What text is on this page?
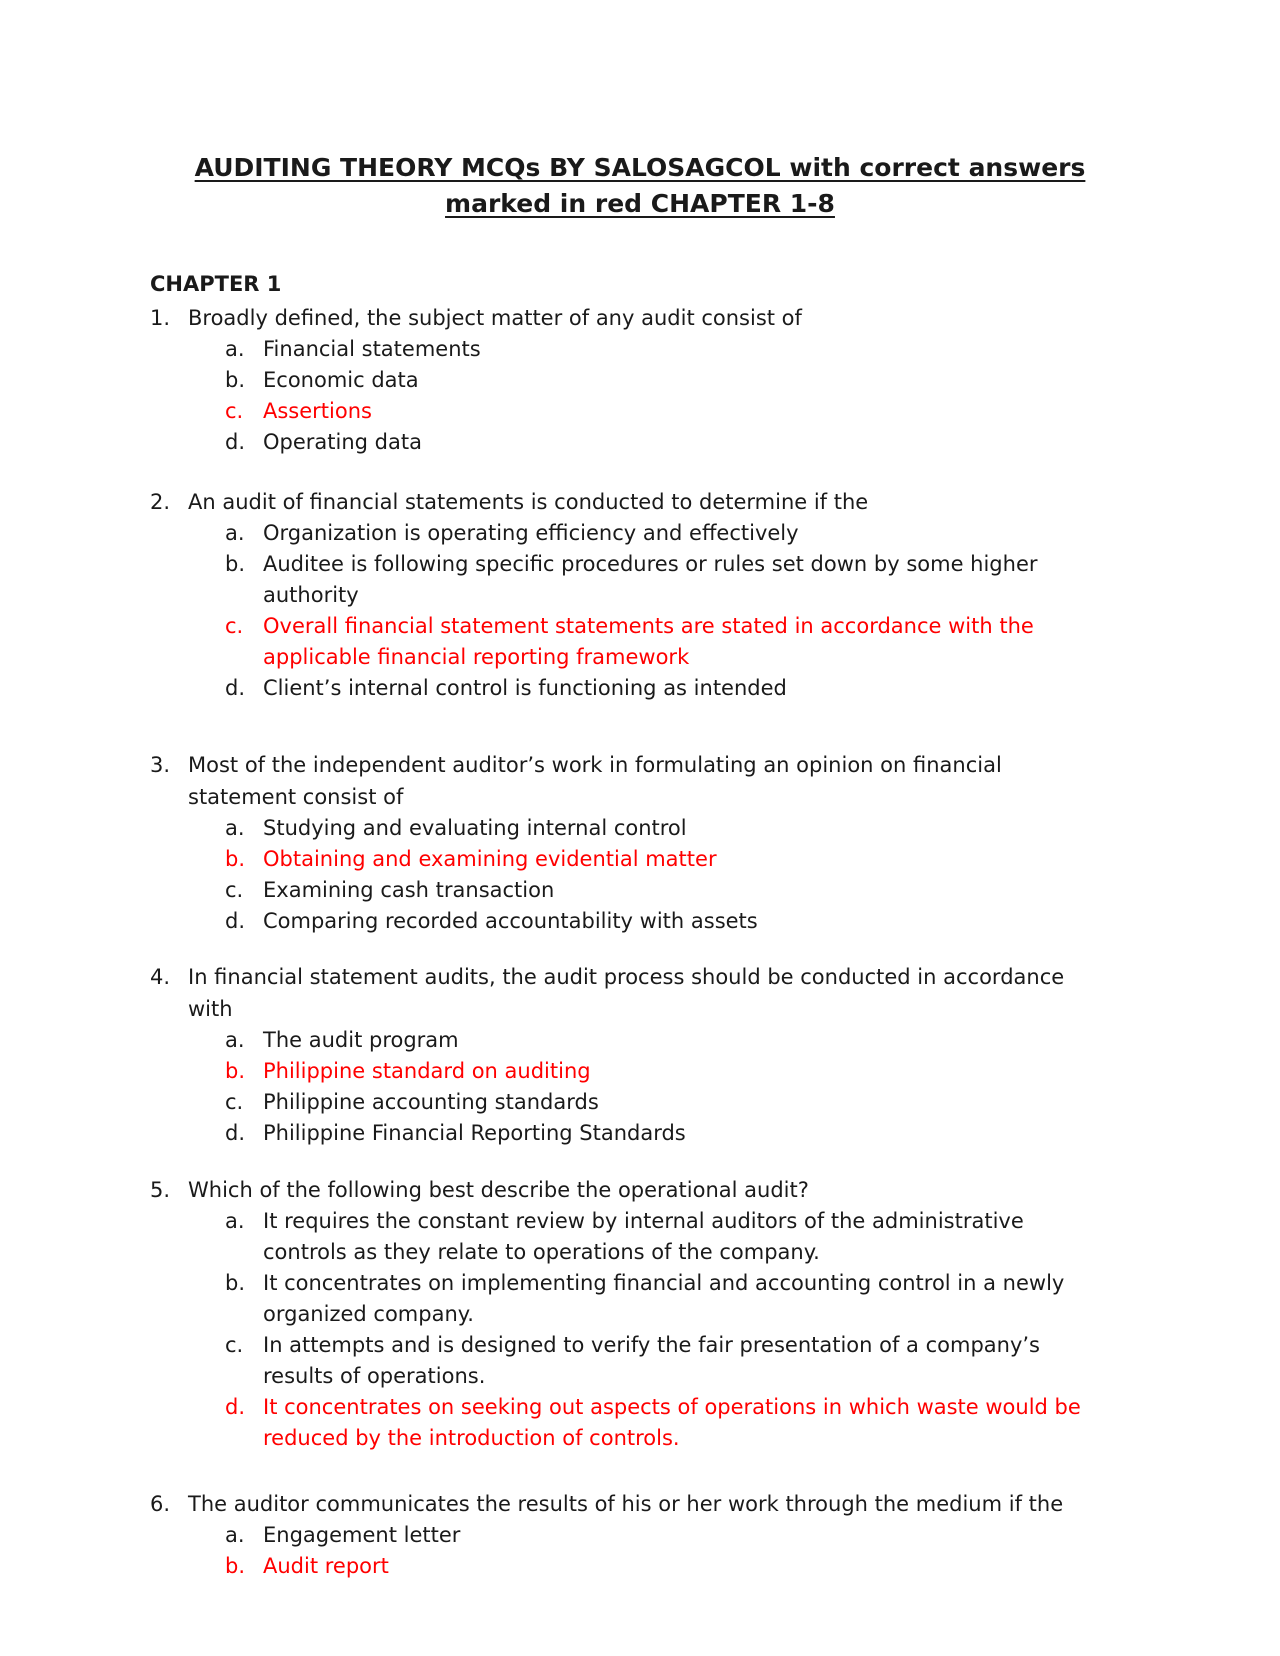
AUDITING THEORY MCQs BY SALOSAGCOL with correct answers marked in red CHAPTER 1-8
CHAPTER 1

1. Broadly defined, the subject matter of any audit consist of

a. Financial statements
b. Economic data
c. Assertions
d. Operating data

2. An audit of financial statements is conducted to determine if the

a. Organization is operating efficiency and effectively
b. Auditee is following specific procedures or rules set down by some higher authority
c. Overall financial statement statements are stated in accordance with the applicable financial reporting framework
d. Client’s internal control is functioning as intended

3. Most of the independent auditor’s work in formulating an opinion on financial statement consist of

a. Studying and evaluating internal control
b. Obtaining and examining evidential matter
c. Examining cash transaction
d. Comparing recorded accountability with assets

4. In financial statement audits, the audit process should be conducted in accordance with

a. The audit program
b. Philippine standard on auditing
c. Philippine accounting standards
d. Philippine Financial Reporting Standards

5. Which of the following best describe the operational audit?

a. It requires the constant review by internal auditors of the administrative controls as they relate to operations of the company.
b. It concentrates on implementing financial and accounting control in a newly organized company.
c. In attempts and is designed to verify the fair presentation of a company’s results of operations.
d. It concentrates on seeking out aspects of operations in which waste would be reduced by the introduction of controls.

6. The auditor communicates the results of his or her work through the medium if the

a. Engagement letter
b. Audit report
